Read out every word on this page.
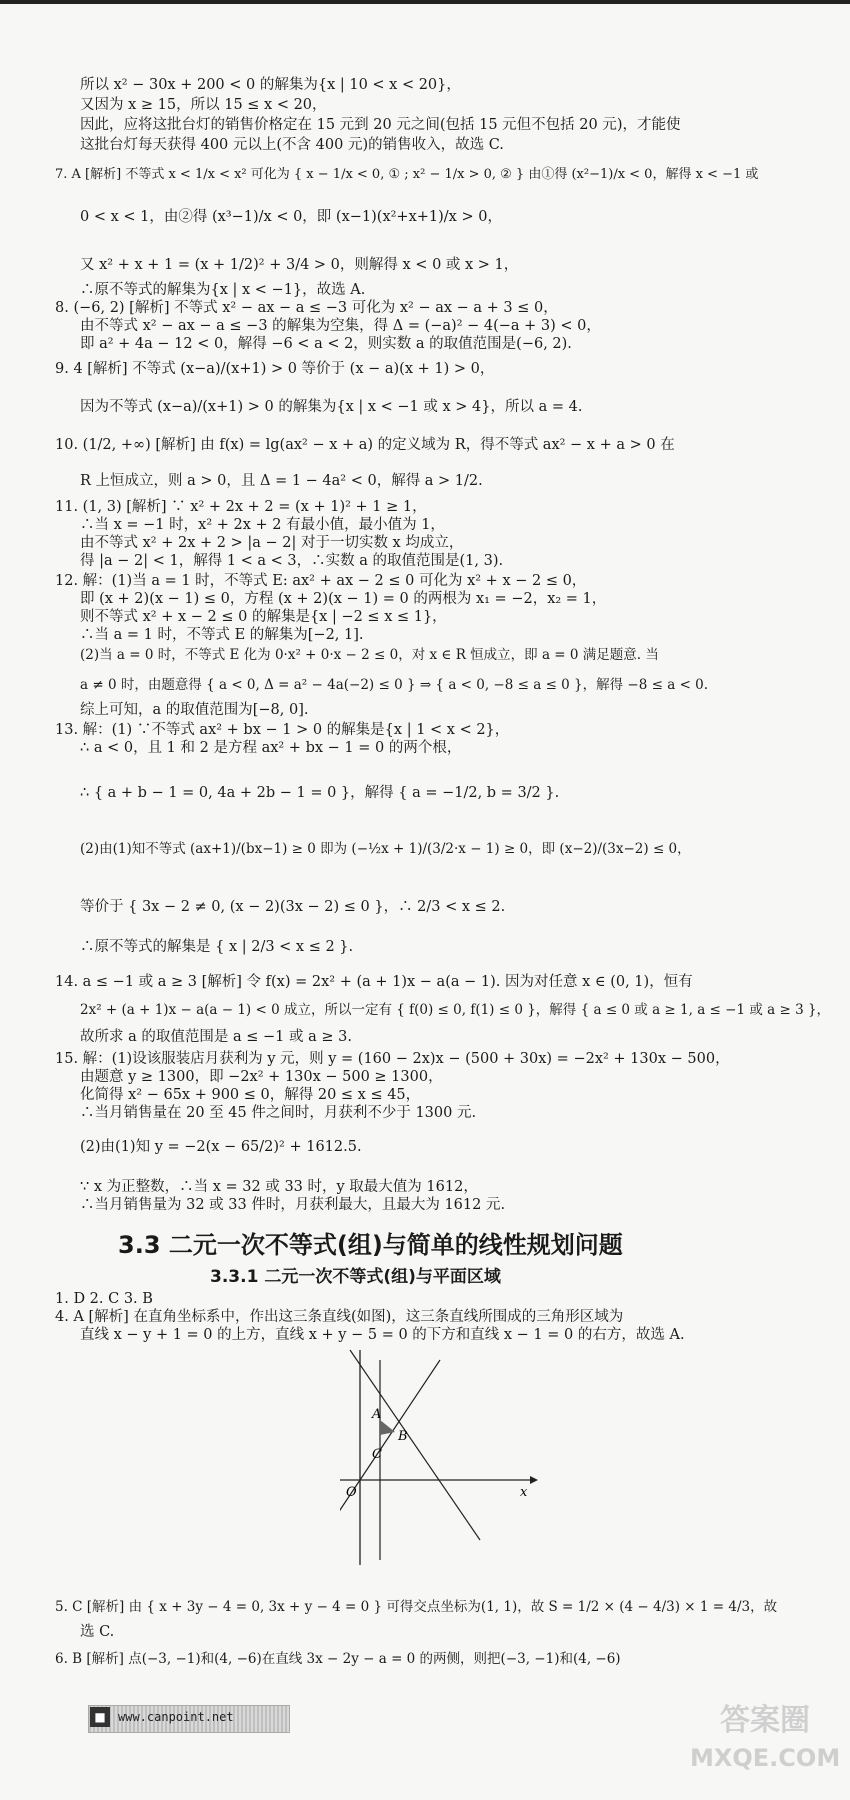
所以 x² − 30x + 200 < 0 的解集为{x | 10 < x < 20}，
又因为 x ≥ 15，所以 15 ≤ x < 20，
因此，应将这批台灯的销售价格定在 15 元到 20 元之间(包括 15 元但不包括 20 元)，才能使
这批台灯每天获得 400 元以上(不含 400 元)的销售收入，故选 C.
7. A [解析] 不等式 x < 1/x < x² 可化为 { x − 1/x < 0, ① ; x² − 1/x > 0, ② } 由①得 (x²−1)/x < 0，解得 x < −1 或
0 < x < 1，由②得 (x³−1)/x < 0，即 (x−1)(x²+x+1)/x > 0，
又 x² + x + 1 = (x + 1/2)² + 3/4 > 0，则解得 x < 0 或 x > 1，
∴原不等式的解集为{x | x < −1}，故选 A.
8. (−6, 2) [解析] 不等式 x² − ax − a ≤ −3 可化为 x² − ax − a + 3 ≤ 0，
由不等式 x² − ax − a ≤ −3 的解集为空集，得 Δ = (−a)² − 4(−a + 3) < 0，
即 a² + 4a − 12 < 0，解得 −6 < a < 2，则实数 a 的取值范围是(−6, 2).
9. 4 [解析] 不等式 (x−a)/(x+1) > 0 等价于 (x − a)(x + 1) > 0，
因为不等式 (x−a)/(x+1) > 0 的解集为{x | x < −1 或 x > 4}，所以 a = 4.
10. (1/2, +∞) [解析] 由 f(x) = lg(ax² − x + a) 的定义域为 R，得不等式 ax² − x + a > 0 在
R 上恒成立，则 a > 0，且 Δ = 1 − 4a² < 0，解得 a > 1/2.
11. (1, 3) [解析] ∵ x² + 2x + 2 = (x + 1)² + 1 ≥ 1，
∴当 x = −1 时，x² + 2x + 2 有最小值，最小值为 1，
由不等式 x² + 2x + 2 > |a − 2| 对于一切实数 x 均成立，
得 |a − 2| < 1，解得 1 < a < 3，∴实数 a 的取值范围是(1, 3).
12. 解：(1)当 a = 1 时，不等式 E: ax² + ax − 2 ≤ 0 可化为 x² + x − 2 ≤ 0，
即 (x + 2)(x − 1) ≤ 0，方程 (x + 2)(x − 1) = 0 的两根为 x₁ = −2，x₂ = 1，
则不等式 x² + x − 2 ≤ 0 的解集是{x | −2 ≤ x ≤ 1}，
∴当 a = 1 时，不等式 E 的解集为[−2, 1].
(2)当 a = 0 时，不等式 E 化为 0·x² + 0·x − 2 ≤ 0，对 x ∈ R 恒成立，即 a = 0 满足题意. 当
a ≠ 0 时，由题意得 { a < 0, Δ = a² − 4a(−2) ≤ 0 } ⇒ { a < 0, −8 ≤ a ≤ 0 }，解得 −8 ≤ a < 0.
综上可知，a 的取值范围为[−8, 0].
13. 解：(1) ∵不等式 ax² + bx − 1 > 0 的解集是{x | 1 < x < 2}，
∴ a < 0，且 1 和 2 是方程 ax² + bx − 1 = 0 的两个根，
∴ { a + b − 1 = 0, 4a + 2b − 1 = 0 }，解得 { a = −1/2, b = 3/2 }.
(2)由(1)知不等式 (ax+1)/(bx−1) ≥ 0 即为 (−½x + 1)/(3/2·x − 1) ≥ 0，即 (x−2)/(3x−2) ≤ 0，
等价于 { 3x − 2 ≠ 0, (x − 2)(3x − 2) ≤ 0 }，∴ 2/3 < x ≤ 2.
∴原不等式的解集是 { x | 2/3 < x ≤ 2 }.
14. a ≤ −1 或 a ≥ 3 [解析] 令 f(x) = 2x² + (a + 1)x − a(a − 1). 因为对任意 x ∈ (0, 1)，恒有
2x² + (a + 1)x − a(a − 1) < 0 成立，所以一定有 { f(0) ≤ 0, f(1) ≤ 0 }，解得 { a ≤ 0 或 a ≥ 1, a ≤ −1 或 a ≥ 3 }，
故所求 a 的取值范围是 a ≤ −1 或 a ≥ 3.
15. 解：(1)设该服装店月获利为 y 元，则 y = (160 − 2x)x − (500 + 30x) = −2x² + 130x − 500，
由题意 y ≥ 1300，即 −2x² + 130x − 500 ≥ 1300，
化简得 x² − 65x + 900 ≤ 0，解得 20 ≤ x ≤ 45，
∴当月销售量在 20 至 45 件之间时，月获利不少于 1300 元.
(2)由(1)知 y = −2(x − 65/2)² + 1612.5.
∵ x 为正整数，∴当 x = 32 或 33 时，y 取最大值为 1612，
∴当月销售量为 32 或 33 件时，月获利最大，且最大为 1612 元.
3.3 二元一次不等式(组)与简单的线性规划问题
3.3.1 二元一次不等式(组)与平面区域
1. D 2. C 3. B
4. A [解析] 在直角坐标系中，作出这三条直线(如图)，这三条直线所围成的三角形区域为
直线 x − y + 1 = 0 的上方，直线 x + y − 5 = 0 的下方和直线 x − 1 = 0 的右方，故选 A.
A
B
C
O	x
5. C [解析] 由 { x + 3y − 4 = 0, 3x + y − 4 = 0 } 可得交点坐标为(1, 1)，故 S = 1/2 × (4 − 4/3) × 1 = 4/3，故
选 C.
6. B [解析] 点(−3, −1)和(4, −6)在直线 3x − 2y − a = 0 的两侧，则把(−3, −1)和(4, −6)
■	www.canpoint.net	答案圈
MXQE.COM
